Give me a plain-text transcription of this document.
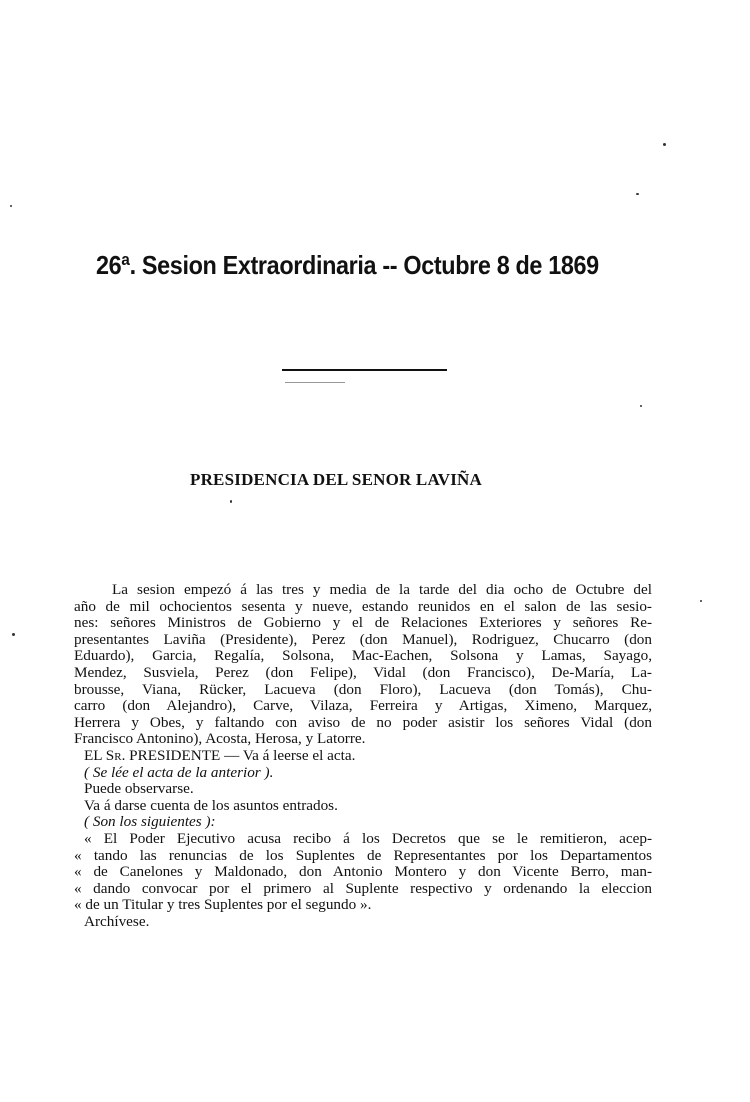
26ª. Sesion Extraordinaria -- Octubre 8 de 1869
PRESIDENCIA DEL SENOR LAVIÑA
La sesion empezó á las tres y media de la tarde del dia ocho de Octubre del
año de mil ochocientos sesenta y nueve, estando reunidos en el salon de las sesio-
nes: señores Ministros de Gobierno y el de Relaciones Exteriores y señores Re-
presentantes Laviña (Presidente), Perez (don Manuel), Rodriguez, Chucarro (don
Eduardo), Garcia, Regalía, Solsona, Mac-Eachen, Solsona y Lamas, Sayago,
Mendez, Susviela, Perez (don Felipe), Vidal (don Francisco), De-María, La-
brousse, Viana, Rücker, Lacueva (don Floro), Lacueva (don Tomás), Chu-
carro (don Alejandro), Carve, Vilaza, Ferreira y Artigas, Ximeno, Marquez,
Herrera y Obes, y faltando con aviso de no poder asistir los señores Vidal (don
Francisco Antonino), Acosta, Herosa, y Latorre.
EL Sr. PRESIDENTE — Va á leerse el acta.
( Se lée el acta de la anterior ).
Puede observarse.
Va á darse cuenta de los asuntos entrados.
( Son los siguientes ):
« El Poder Ejecutivo acusa recibo á los Decretos que se le remitieron, acep-
« tando las renuncias de los Suplentes de Representantes por los Departamentos
« de Canelones y Maldonado, don Antonio Montero y don Vicente Berro, man-
« dando convocar por el primero al Suplente respectivo y ordenando la eleccion
« de un Titular y tres Suplentes por el segundo ».
Archívese.
